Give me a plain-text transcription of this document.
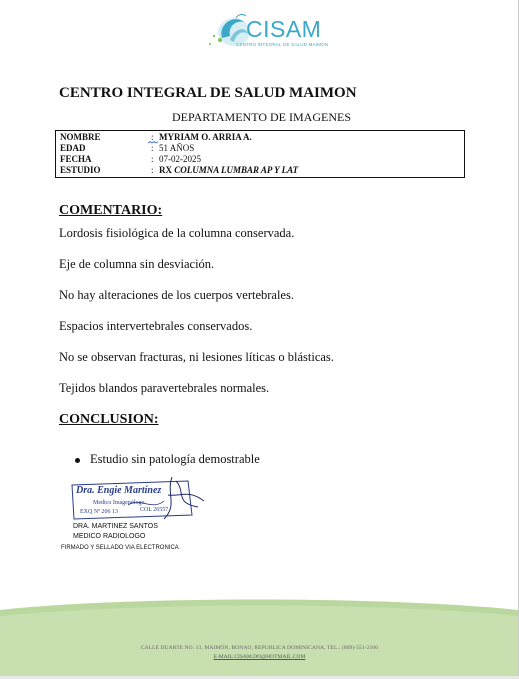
CISAM
CENTRO INTEGRAL DE SALUD MAIMON
CENTRO INTEGRAL DE SALUD MAIMON
DEPARTAMENTO DE IMAGENES
NOMBRE	: MYRIAM O. ARRIA A.
EDAD	: 51 AÑOS
FECHA	: 07-02-2025
ESTUDIO	: RX COLUMNA LUMBAR AP Y LAT
COMENTARIO:
Lordosis fisiológica de la columna conservada.
Eje de columna sin desviación.
No hay alteraciones de los cuerpos vertebrales.
Espacios intervertebrales conservados.
No se observan fracturas, ni lesiones líticas o blásticas.
Tejidos blandos paravertebrales normales.
CONCLUSION:
Estudio sin patología demostrable
Dra. Engie Martínez
Medico Imagenólogo
EXQ Nº 206 13	COL 26557
DRA. MARTINEZ SANTOS
MEDICO RADIOLOGO
FIRMADO Y SELLADO VIA ELECTRONICA
CALLE DUARTE NO. 13, MAIMÓN, BONAO, REPUBLICA DOMINICANA, TEL.: (809)-551-2106
E-MAIL:CISAM.DO@HOTMAIL.COM
